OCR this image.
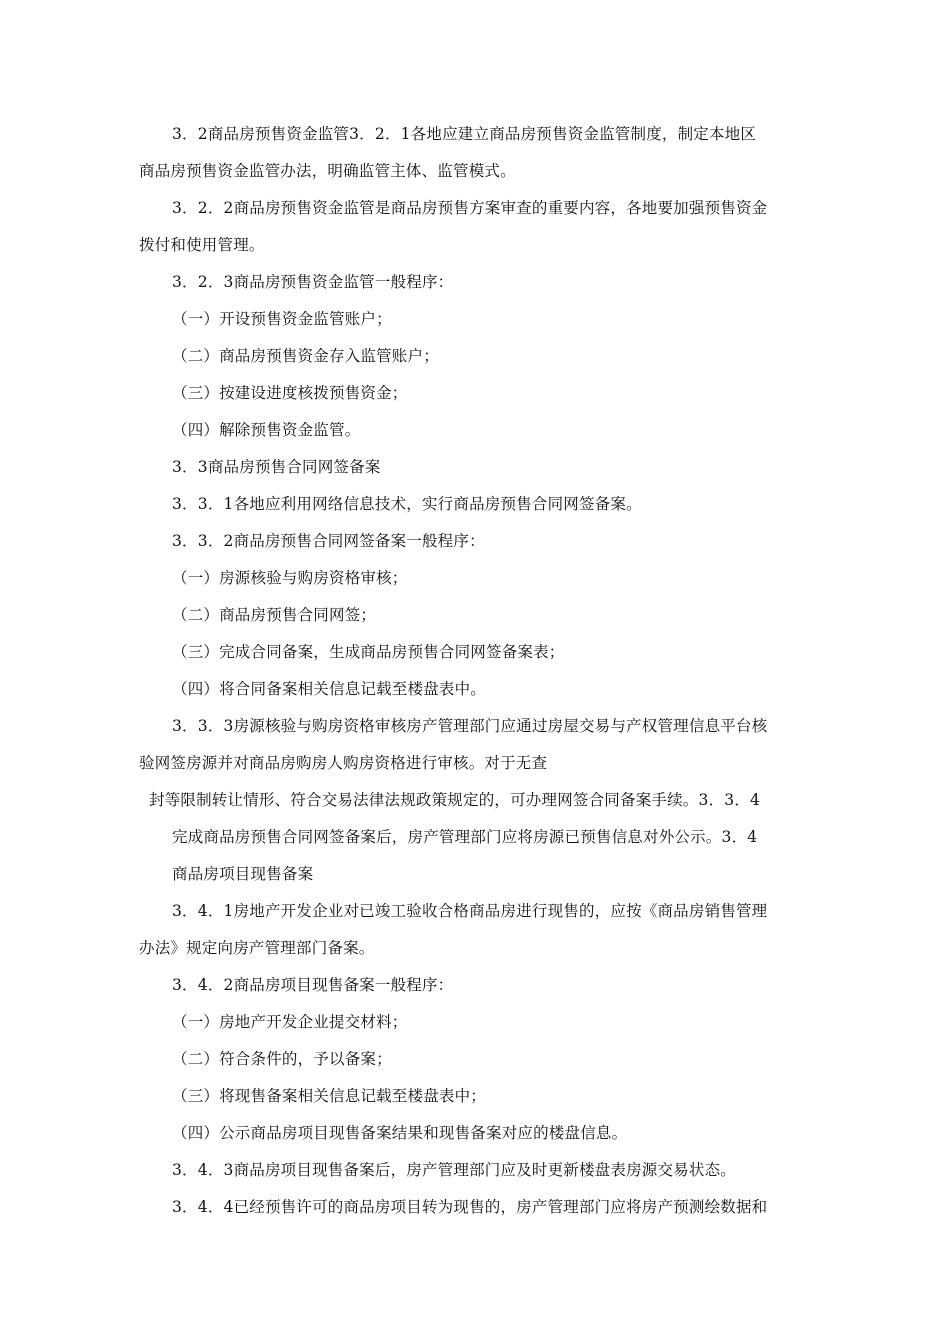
3．2商品房预售资金监管3．2．1各地应建立商品房预售资金监管制度，制定本地区
商品房预售资金监管办法，明确监管主体、监管模式。
3．2．2商品房预售资金监管是商品房预售方案审查的重要内容，各地要加强预售资金
拨付和使用管理。
3．2．3商品房预售资金监管一般程序：
（一）开设预售资金监管账户；
（二）商品房预售资金存入监管账户；
（三）按建设进度核拨预售资金；
（四）解除预售资金监管。
3．3商品房预售合同网签备案
3．3．1各地应利用网络信息技术，实行商品房预售合同网签备案。
3．3．2商品房预售合同网签备案一般程序：
（一）房源核验与购房资格审核；
（二）商品房预售合同网签；
（三）完成合同备案，生成商品房预售合同网签备案表；
（四）将合同备案相关信息记载至楼盘表中。
3．3．3房源核验与购房资格审核房产管理部门应通过房屋交易与产权管理信息平台核
验网签房源并对商品房购房人购房资格进行审核。对于无查
封等限制转让情形、符合交易法律法规政策规定的，可办理网签合同备案手续。3．3．4
完成商品房预售合同网签备案后，房产管理部门应将房源已预售信息对外公示。3．4
商品房项目现售备案
3．4．1房地产开发企业对已竣工验收合格商品房进行现售的，应按《商品房销售管理
办法》规定向房产管理部门备案。
3．4．2商品房项目现售备案一般程序：
（一）房地产开发企业提交材料；
（二）符合条件的，予以备案；
（三）将现售备案相关信息记载至楼盘表中；
（四）公示商品房项目现售备案结果和现售备案对应的楼盘信息。
3．4．3商品房项目现售备案后，房产管理部门应及时更新楼盘表房源交易状态。
3．4．4已经预售许可的商品房项目转为现售的，房产管理部门应将房产预测绘数据和
